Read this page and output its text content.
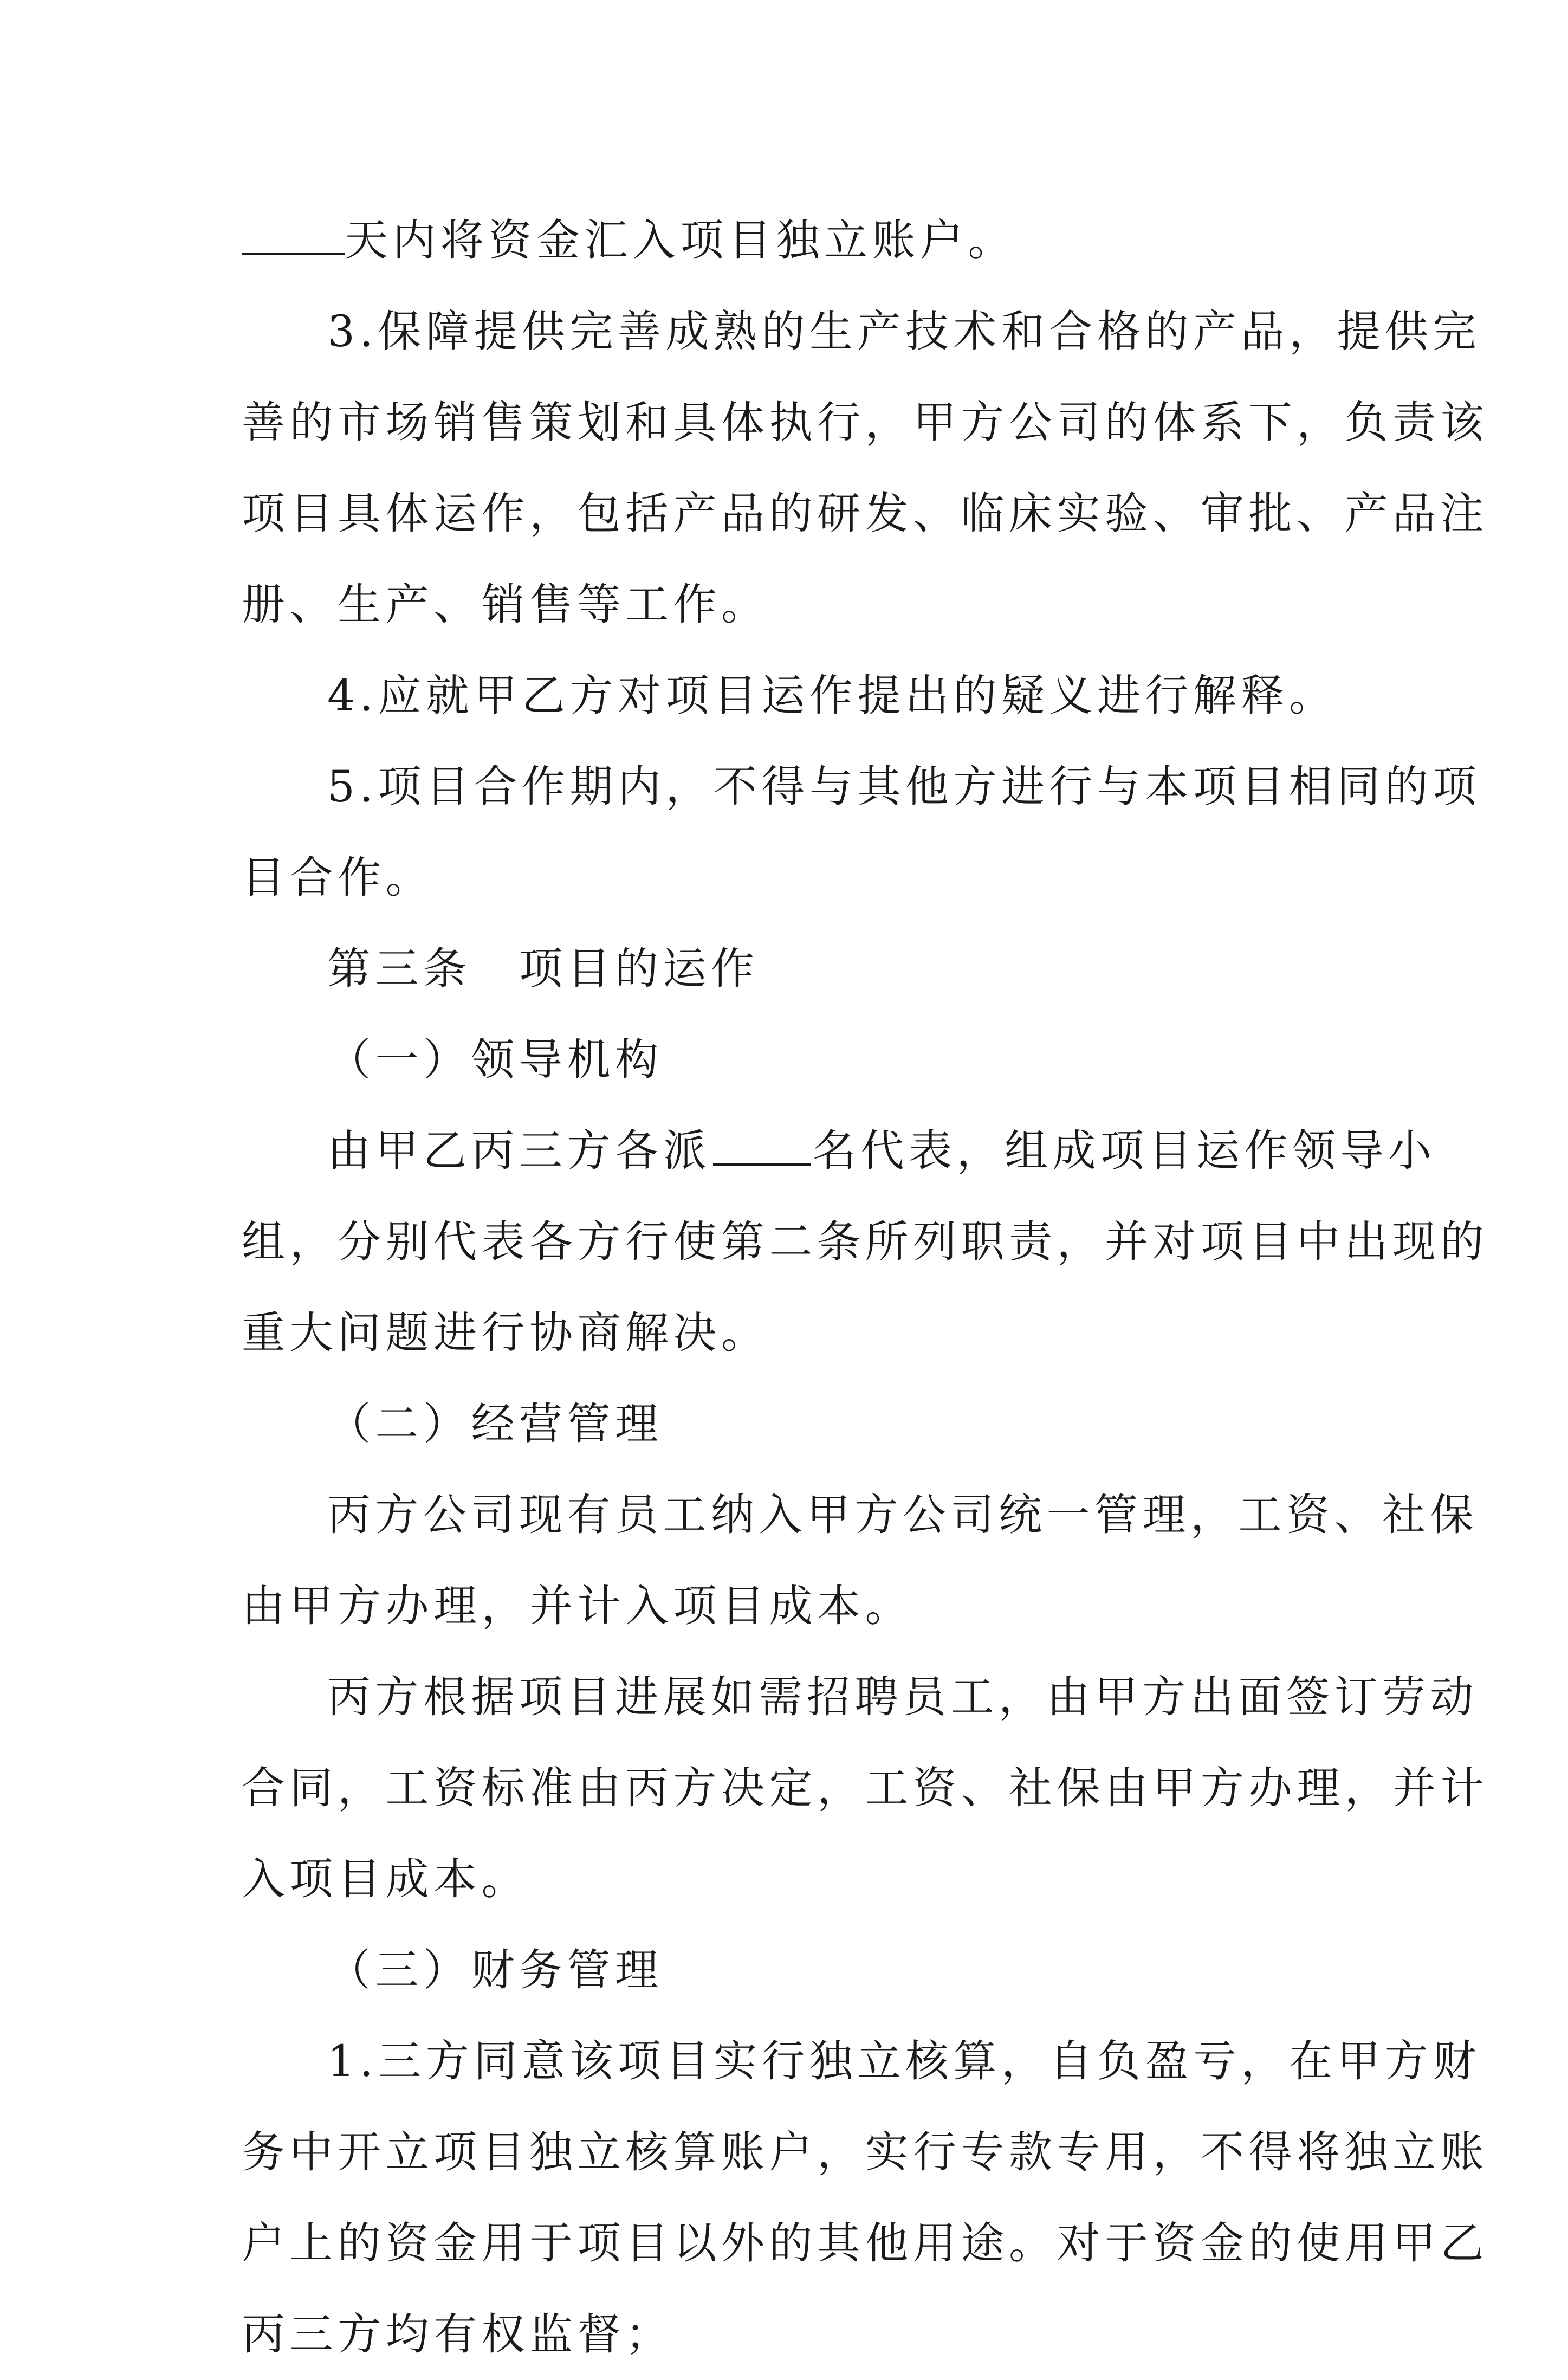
天内将资金汇入项目独立账户。
3.保障提供完善成熟的生产技术和合格的产品，提供完
善的市场销售策划和具体执行，甲方公司的体系下，负责该
项目具体运作，包括产品的研发、临床实验、审批、产品注
册、生产、销售等工作。
4.应就甲乙方对项目运作提出的疑义进行解释。
5.项目合作期内，不得与其他方进行与本项目相同的项
目合作。
第三条　项目的运作
（一）领导机构
由甲乙丙三方各派 名代表，组成项目运作领导小
组，分别代表各方行使第二条所列职责，并对项目中出现的
重大问题进行协商解决。
（二）经营管理
丙方公司现有员工纳入甲方公司统一管理，工资、社保
由甲方办理，并计入项目成本。
丙方根据项目进展如需招聘员工，由甲方出面签订劳动
合同，工资标准由丙方决定，工资、社保由甲方办理，并计
入项目成本。
（三）财务管理
1.三方同意该项目实行独立核算，自负盈亏，在甲方财
务中开立项目独立核算账户，实行专款专用，不得将独立账
户上的资金用于项目以外的其他用途。对于资金的使用甲乙
丙三方均有权监督；
